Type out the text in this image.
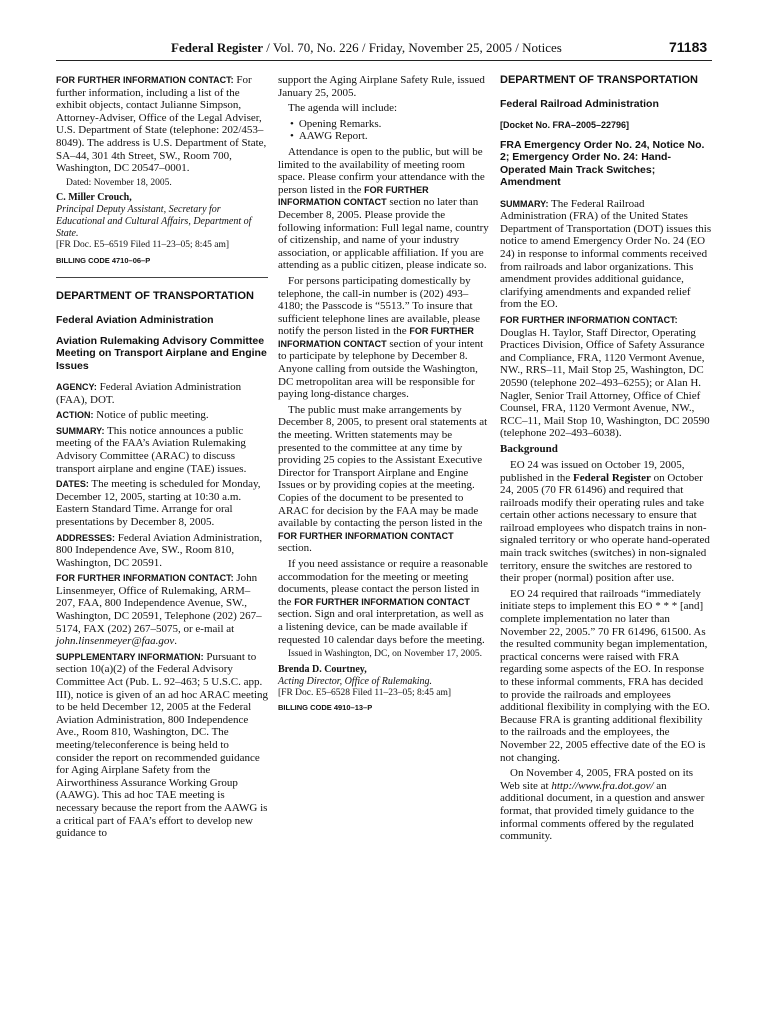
Federal Register / Vol. 70, No. 226 / Friday, November 25, 2005 / Notices	71183

FOR FURTHER INFORMATION CONTACT: For further information, including a list of the exhibit objects, contact Julianne Simpson, Attorney-Adviser, Office of the Legal Adviser, U.S. Department of State (telephone: 202/453–8049). The address is U.S. Department of State, SA–44, 301 4th Street, SW., Room 700, Washington, DC 20547–0001.

Dated: November 18, 2005.

C. Miller Crouch,

Principal Deputy Assistant, Secretary for Educational and Cultural Affairs, Department of State.

[FR Doc. E5–6519 Filed 11–23–05; 8:45 am]

BILLING CODE 4710–06–P

DEPARTMENT OF TRANSPORTATION

Federal Aviation Administration

Aviation Rulemaking Advisory Committee Meeting on Transport Airplane and Engine Issues

AGENCY: Federal Aviation Administration (FAA), DOT.

ACTION: Notice of public meeting.

SUMMARY: This notice announces a public meeting of the FAA’s Aviation Rulemaking Advisory Committee (ARAC) to discuss transport airplane and engine (TAE) issues.

DATES: The meeting is scheduled for Monday, December 12, 2005, starting at 10:30 a.m. Eastern Standard Time. Arrange for oral presentations by December 8, 2005.

ADDRESSES: Federal Aviation Administration, 800 Independence Ave, SW., Room 810, Washington, DC 20591.

FOR FURTHER INFORMATION CONTACT: John Linsenmeyer, Office of Rulemaking, ARM–207, FAA, 800 Independence Avenue, SW., Washington, DC 20591, Telephone (202) 267–5174, FAX (202) 267–5075, or e-mail at john.linsenmeyer@faa.gov.

SUPPLEMENTARY INFORMATION: Pursuant to section 10(a)(2) of the Federal Advisory Committee Act (Pub. L. 92–463; 5 U.S.C. app. III), notice is given of an ad hoc ARAC meeting to be held December 12, 2005 at the Federal Aviation Administration, 800 Independence Ave., Room 810, Washington, DC. The meeting/teleconference is being held to consider the report on recommended guidance for Aging Airplane Safety from the Airworthiness Assurance Working Group (AAWG). This ad hoc TAE meeting is necessary because the report from the AAWG is a critical part of FAA’s effort to develop new guidance to

support the Aging Airplane Safety Rule, issued January 25, 2005.

The agenda will include:

• Opening Remarks.

• AAWG Report.

Attendance is open to the public, but will be limited to the availability of meeting room space. Please confirm your attendance with the person listed in the FOR FURTHER INFORMATION CONTACT section no later than December 8, 2005. Please provide the following information: Full legal name, country of citizenship, and name of your industry association, or applicable affiliation. If you are attending as a public citizen, please indicate so.

For persons participating domestically by telephone, the call-in number is (202) 493–4180; the Passcode is “5513.” To insure that sufficient telephone lines are available, please notify the person listed in the FOR FURTHER INFORMATION CONTACT section of your intent to participate by telephone by December 8. Anyone calling from outside the Washington, DC metropolitan area will be responsible for paying long-distance charges.

The public must make arrangements by December 8, 2005, to present oral statements at the meeting. Written statements may be presented to the committee at any time by providing 25 copies to the Assistant Executive Director for Transport Airplane and Engine Issues or by providing copies at the meeting. Copies of the document to be presented to ARAC for decision by the FAA may be made available by contacting the person listed in the FOR FURTHER INFORMATION CONTACT section.

If you need assistance or require a reasonable accommodation for the meeting or meeting documents, please contact the person listed in the FOR FURTHER INFORMATION CONTACT section. Sign and oral interpretation, as well as a listening device, can be made available if requested 10 calendar days before the meeting.

Issued in Washington, DC, on November 17, 2005.

Brenda D. Courtney,

Acting Director, Office of Rulemaking.

[FR Doc. E5–6528 Filed 11–23–05; 8:45 am]

BILLING CODE 4910–13–P

DEPARTMENT OF TRANSPORTATION

Federal Railroad Administration

[Docket No. FRA–2005–22796]

FRA Emergency Order No. 24, Notice No. 2; Emergency Order No. 24: Hand-Operated Main Track Switches; Amendment

SUMMARY: The Federal Railroad Administration (FRA) of the United States Department of Transportation (DOT) issues this notice to amend Emergency Order No. 24 (EO 24) in response to informal comments received from railroads and labor organizations. This amendment provides additional guidance, clarifying amendments and expanded relief from the EO.

FOR FURTHER INFORMATION CONTACT:

Douglas H. Taylor, Staff Director, Operating Practices Division, Office of Safety Assurance and Compliance, FRA, 1120 Vermont Avenue, NW., RRS–11, Mail Stop 25, Washington, DC 20590 (telephone 202–493–6255); or Alan H. Nagler, Senior Trail Attorney, Office of Chief Counsel, FRA, 1120 Vermont Avenue, NW., RCC–11, Mail Stop 10, Washington, DC 20590 (telephone 202–493–6038).

Background

EO 24 was issued on October 19, 2005, published in the Federal Register on October 24, 2005 (70 FR 61496) and required that railroads modify their operating rules and take certain other actions necessary to ensure that railroad employees who dispatch trains in non-signaled territory or who operate hand-operated main track switches (switches) in non-signaled territory, ensure the switches are restored to their proper (normal) position after use.

EO 24 required that railroads “immediately initiate steps to implement this EO * * * [and] complete implementation no later than November 22, 2005.” 70 FR 61496, 61500. As the resulted community began implementation, practical concerns were raised with FRA regarding some aspects of the EO. In response to these informal comments, FRA has decided to provide the railroads and employees additional flexibility in complying with the EO. Because FRA is granting additional flexibility to the railroads and the employees, the November 22, 2005 effective date of the EO is not changing.

On November 4, 2005, FRA posted on its Web site at http://www.fra.dot.gov/ an additional document, in a question and answer format, that provided timely guidance to the informal comments offered by the regulated community.
